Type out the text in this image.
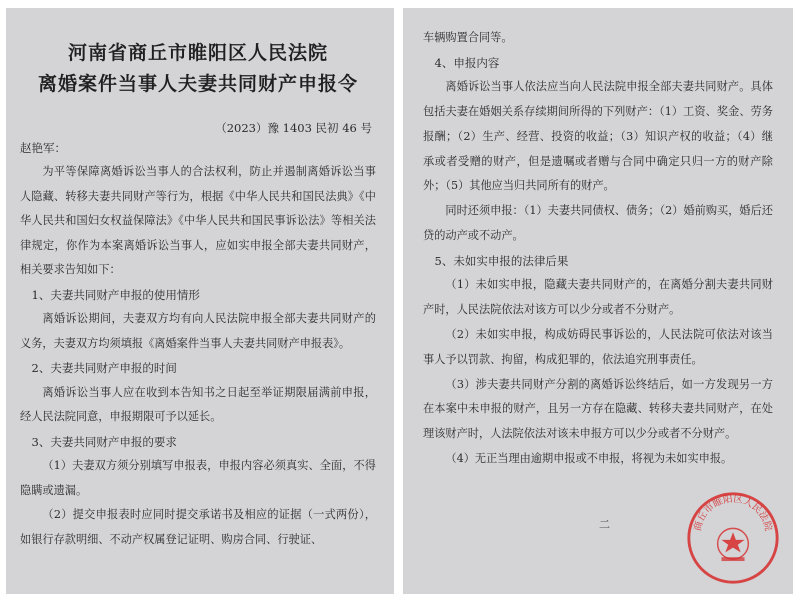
河南省商丘市睢阳区人民法院
离婚案件当事人夫妻共同财产申报令
（2023）豫 1403 民初 46 号
赵艳军：

为平等保障离婚诉讼当事人的合法权利，防止并遏制离婚诉讼当事人隐藏、转移夫妻共同财产等行为，根据《中华人民共和国民法典》《中华人民共和国妇女权益保障法》《中华人民共和国民事诉讼法》等相关法律规定，你作为本案离婚诉讼当事人，应如实申报全部夫妻共同财产，相关要求告知如下：

1、夫妻共同财产申报的使用情形

离婚诉讼期间，夫妻双方均有向人民法院申报全部夫妻共同财产的义务，夫妻双方均须填报《离婚案件当事人夫妻共同财产申报表》。

2、夫妻共同财产申报的时间

离婚诉讼当事人应在收到本告知书之日起至举证期限届满前申报，经人民法院同意，申报期限可予以延长。

3、夫妻共同财产申报的要求

（1）夫妻双方须分别填写申报表，申报内容必须真实、全面，不得隐瞒或遗漏。

（2）提交申报表时应同时提交承诺书及相应的证据（一式两份），如银行存款明细、不动产权属登记证明、购房合同、行驶证、

车辆购置合同等。

4、申报内容

离婚诉讼当事人依法应当向人民法院申报全部夫妻共同财产。具体包括夫妻在婚姻关系存续期间所得的下列财产：（1）工资、奖金、劳务报酬；（2）生产、经营、投资的收益；（3）知识产权的收益；（4）继承或者受赠的财产，但是遗嘱或者赠与合同中确定只归一方的财产除外；（5）其他应当归共同所有的财产。

同时还须申报：（1）夫妻共同债权、债务；（2）婚前购买，婚后还贷的动产或不动产。

5、未如实申报的法律后果

（1）未如实申报，隐藏夫妻共同财产的，在离婚分割夫妻共同财产时，人民法院依法对该方可以少分或者不分财产。

（2）未如实申报，构成妨碍民事诉讼的，人民法院可依法对该当事人予以罚款、拘留，构成犯罪的，依法追究刑事责任。

（3）涉夫妻共同财产分割的离婚诉讼终结后，如一方发现另一方在本案中未申报的财产，且另一方存在隐藏、转移夫妻共同财产，在处理该财产时，人法院依法对该未申报方可以少分或者不分财产。

（4）无正当理由逾期申报或不申报，将视为未如实申报。

二	商丘市睢阳区人民法院
